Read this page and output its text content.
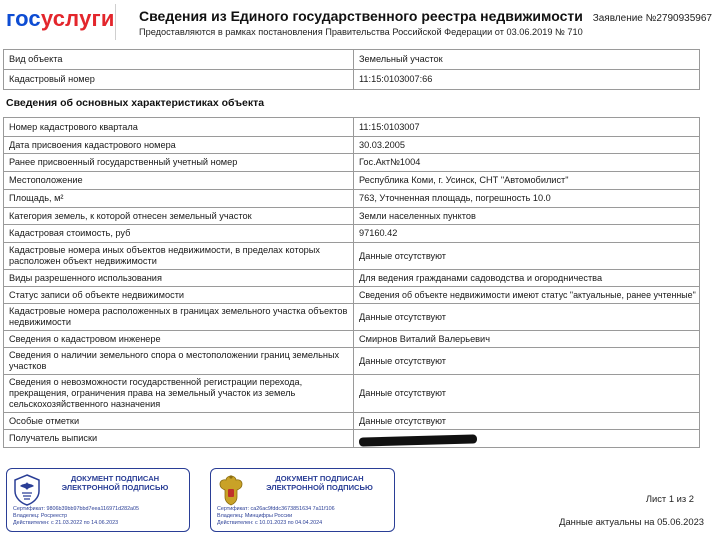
госуслуги Сведения из Единого государственного реестра недвижимости
Предоставляются в рамках постановления Правительства Российской Федерации от 03.06.2019 № 710
Заявление №2790935967
Вид объекта	Земельный участок
Кадастровый номер	11:15:0103007:66
Сведения об основных характеристиках объекта
Номер кадастрового квартала	11:15:0103007
Дата присвоения кадастрового номера	30.03.2005
Ранее присвоенный государственный учетный номер	Гос.Акт№1004
Местоположение	Республика Коми, г. Усинск, СНТ "Автомобилист"
Площадь, м²	763, Уточненная площадь, погрешность 10.0
Категория земель, к которой отнесен земельный участок	Земли населенных пунктов
Кадастровая стоимость, руб	97160.42
Кадастровые номера иных объектов недвижимости, в пределах которых расположен объект недвижимости	Данные отсутствуют
Виды разрешенного использования	Для ведения гражданами садоводства и огородничества
Статус записи об объекте недвижимости	Сведения об объекте недвижимости имеют статус "актуальные, ранее учтенные"
Кадастровые номера расположенных в границах земельного участка объектов недвижимости	Данные отсутствуют
Сведения о кадастровом инженере	Смирнов Виталий Валерьевич
Сведения о наличии земельного спора о местоположении границ земельных участков	Данные отсутствуют
Сведения о невозможности государственной регистрации перехода, прекращения, ограничения права на земельный участок из земель сельскохозяйственного назначения	Данные отсутствуют
Особые отметки	Данные отсутствуют
Получатель выписки	
ДОКУМЕНТ ПОДПИСАН ЭЛЕКТРОННОЙ ПОДПИСЬЮ
Сертификат: 9806b39bb97bbd7eea116971d282a05
Владелец: Росреестр
Действителен: с 21.03.2022 по 14.06.2023
ДОКУМЕНТ ПОДПИСАН ЭЛЕКТРОННОЙ ПОДПИСЬЮ
Сертификат: ca26ac9fddc3673851634 7a11f106
Владелец: Минцифры России
Действителен: с 10.01.2023 по 04.04.2024
Лист 1 из 2
Данные актуальны на 05.06.2023
